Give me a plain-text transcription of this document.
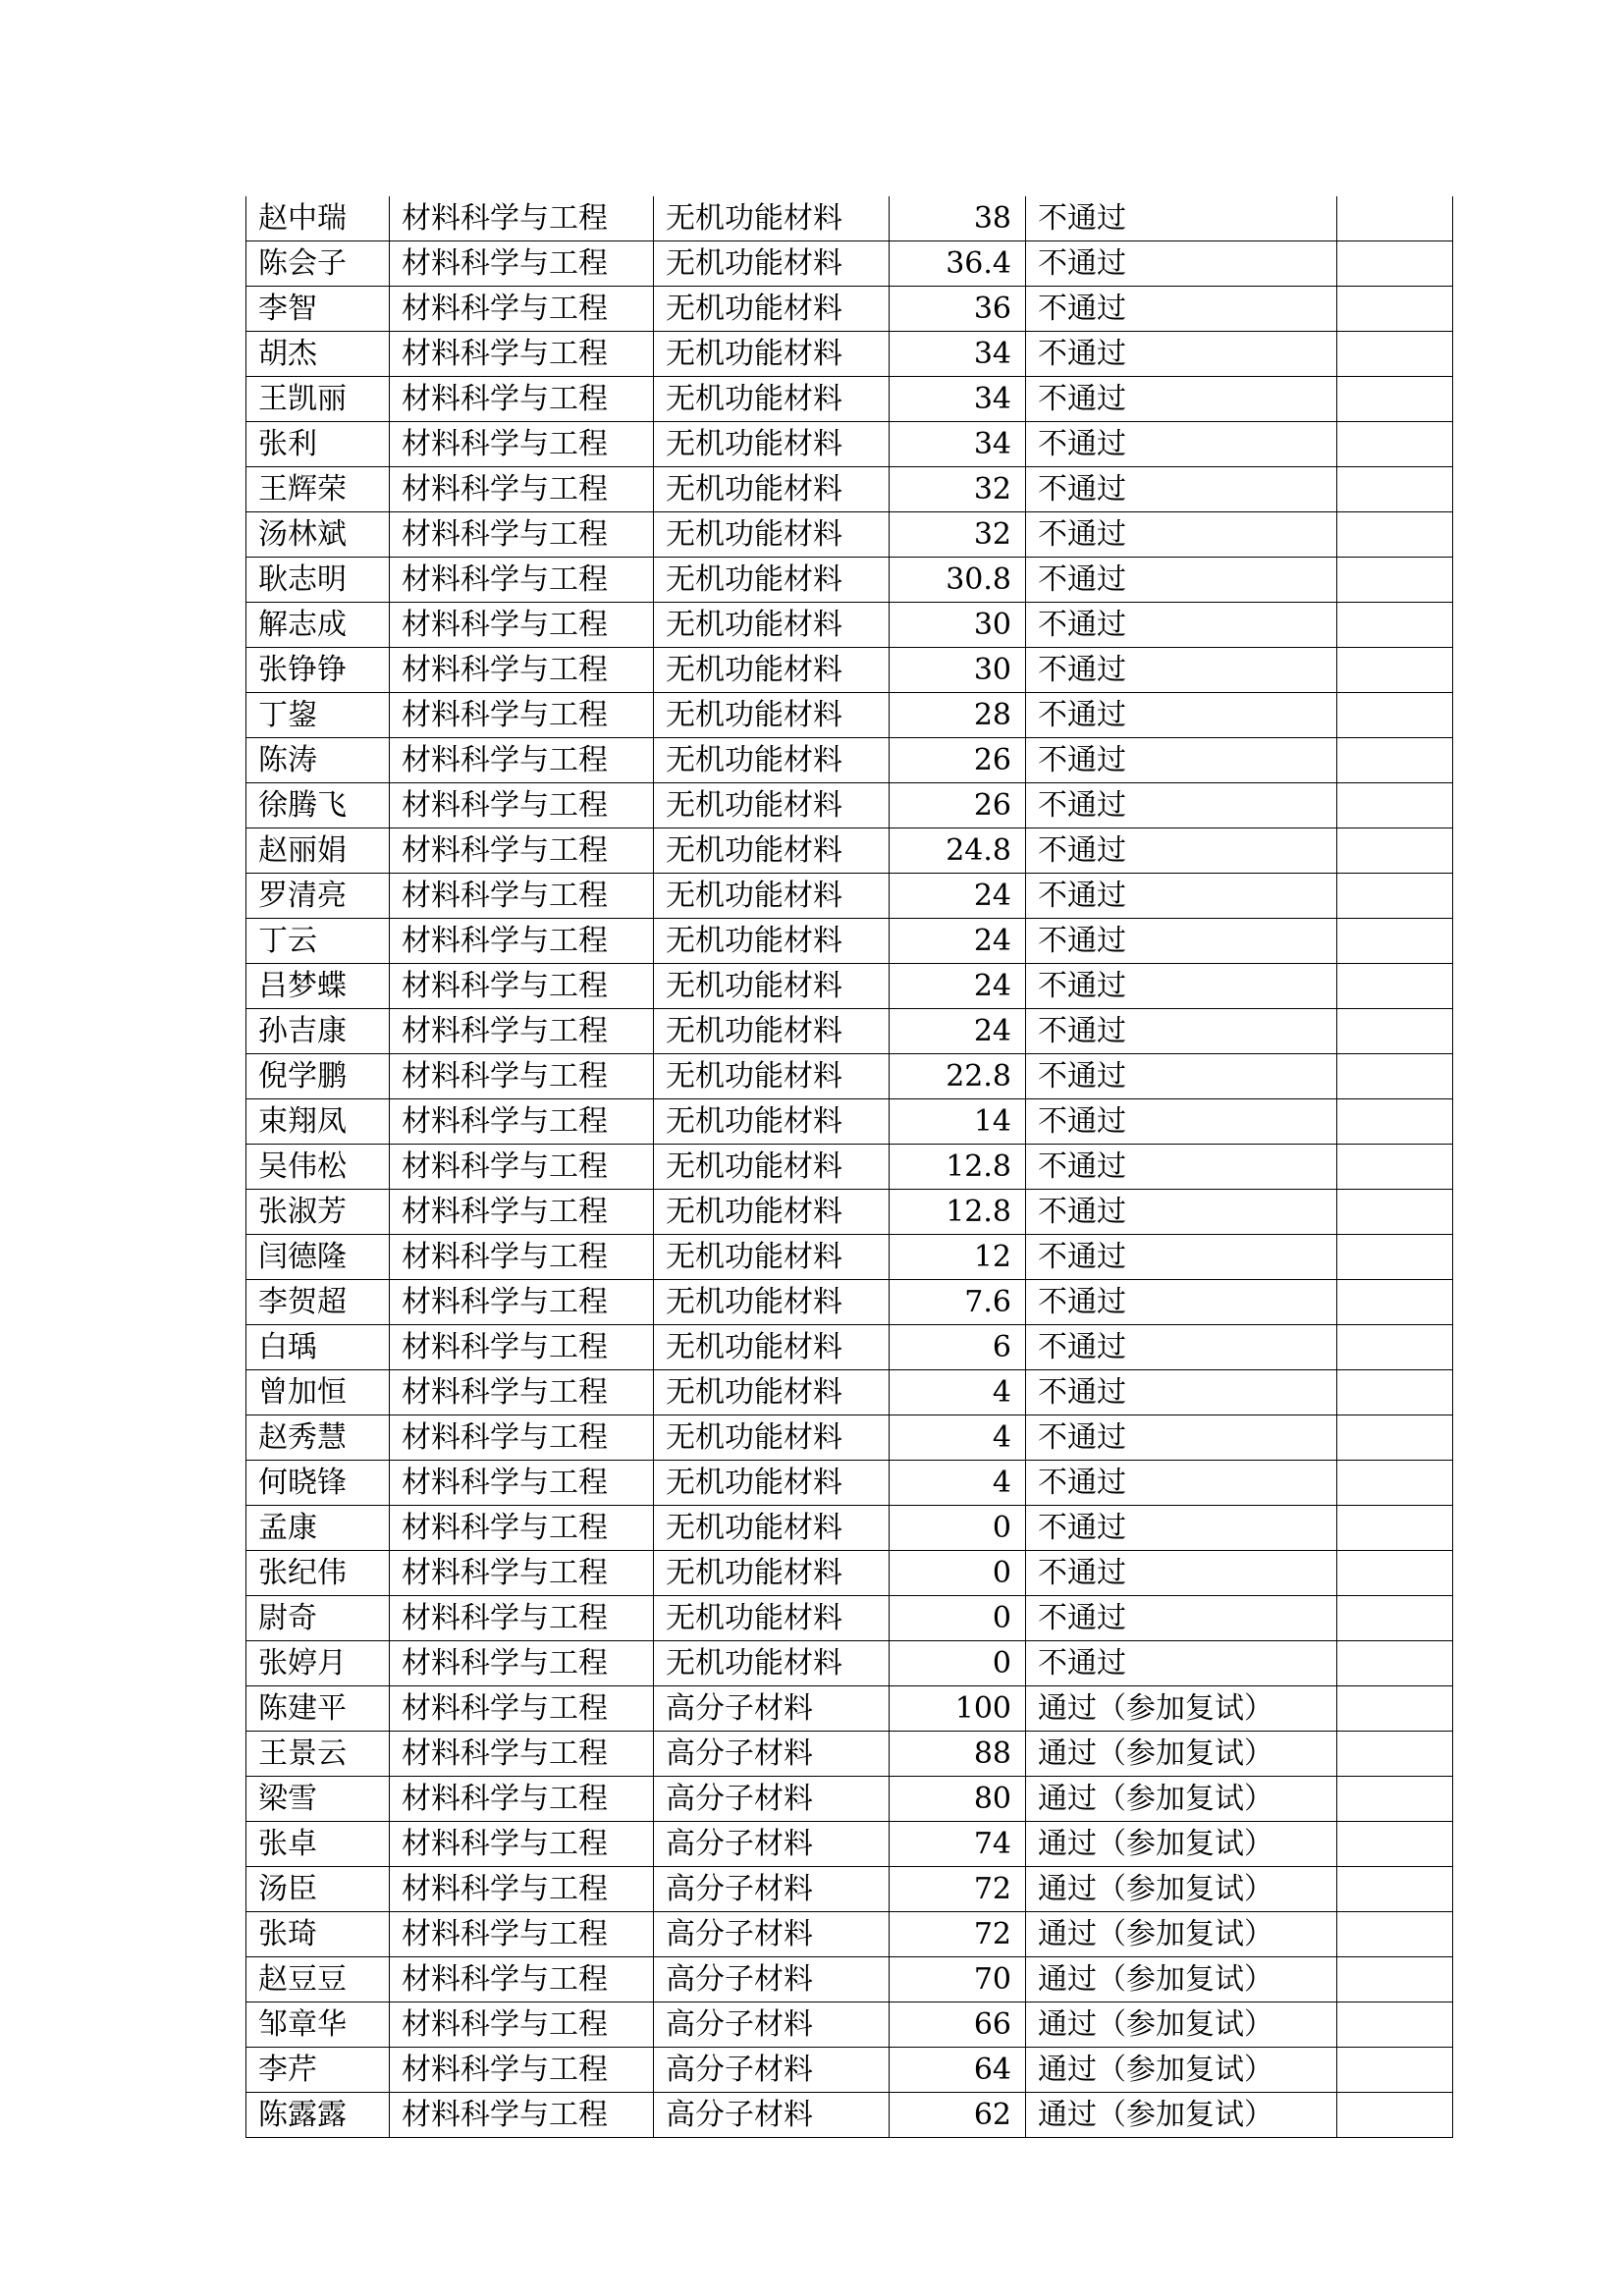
赵中瑞	材料科学与工程	无机功能材料	38	不通过	
陈会子	材料科学与工程	无机功能材料	36.4	不通过	
李智	材料科学与工程	无机功能材料	36	不通过	
胡杰	材料科学与工程	无机功能材料	34	不通过	
王凯丽	材料科学与工程	无机功能材料	34	不通过	
张利	材料科学与工程	无机功能材料	34	不通过	
王辉荣	材料科学与工程	无机功能材料	32	不通过	
汤林斌	材料科学与工程	无机功能材料	32	不通过	
耿志明	材料科学与工程	无机功能材料	30.8	不通过	
解志成	材料科学与工程	无机功能材料	30	不通过	
张铮铮	材料科学与工程	无机功能材料	30	不通过	
丁鋆	材料科学与工程	无机功能材料	28	不通过	
陈涛	材料科学与工程	无机功能材料	26	不通过	
徐腾飞	材料科学与工程	无机功能材料	26	不通过	
赵丽娟	材料科学与工程	无机功能材料	24.8	不通过	
罗清亮	材料科学与工程	无机功能材料	24	不通过	
丁云	材料科学与工程	无机功能材料	24	不通过	
吕梦蝶	材料科学与工程	无机功能材料	24	不通过	
孙吉康	材料科学与工程	无机功能材料	24	不通过	
倪学鹏	材料科学与工程	无机功能材料	22.8	不通过	
束翔凤	材料科学与工程	无机功能材料	14	不通过	
吴伟松	材料科学与工程	无机功能材料	12.8	不通过	
张淑芳	材料科学与工程	无机功能材料	12.8	不通过	
闫德隆	材料科学与工程	无机功能材料	12	不通过	
李贺超	材料科学与工程	无机功能材料	7.6	不通过	
白瑀	材料科学与工程	无机功能材料	6	不通过	
曾加恒	材料科学与工程	无机功能材料	4	不通过	
赵秀慧	材料科学与工程	无机功能材料	4	不通过	
何晓锋	材料科学与工程	无机功能材料	4	不通过	
孟康	材料科学与工程	无机功能材料	0	不通过	
张纪伟	材料科学与工程	无机功能材料	0	不通过	
尉奇	材料科学与工程	无机功能材料	0	不通过	
张婷月	材料科学与工程	无机功能材料	0	不通过	
陈建平	材料科学与工程	高分子材料	100	通过（参加复试）	
王景云	材料科学与工程	高分子材料	88	通过（参加复试）	
梁雪	材料科学与工程	高分子材料	80	通过（参加复试）	
张卓	材料科学与工程	高分子材料	74	通过（参加复试）	
汤臣	材料科学与工程	高分子材料	72	通过（参加复试）	
张琦	材料科学与工程	高分子材料	72	通过（参加复试）	
赵豆豆	材料科学与工程	高分子材料	70	通过（参加复试）	
邹章华	材料科学与工程	高分子材料	66	通过（参加复试）	
李芹	材料科学与工程	高分子材料	64	通过（参加复试）	
陈露露	材料科学与工程	高分子材料	62	通过（参加复试）	
